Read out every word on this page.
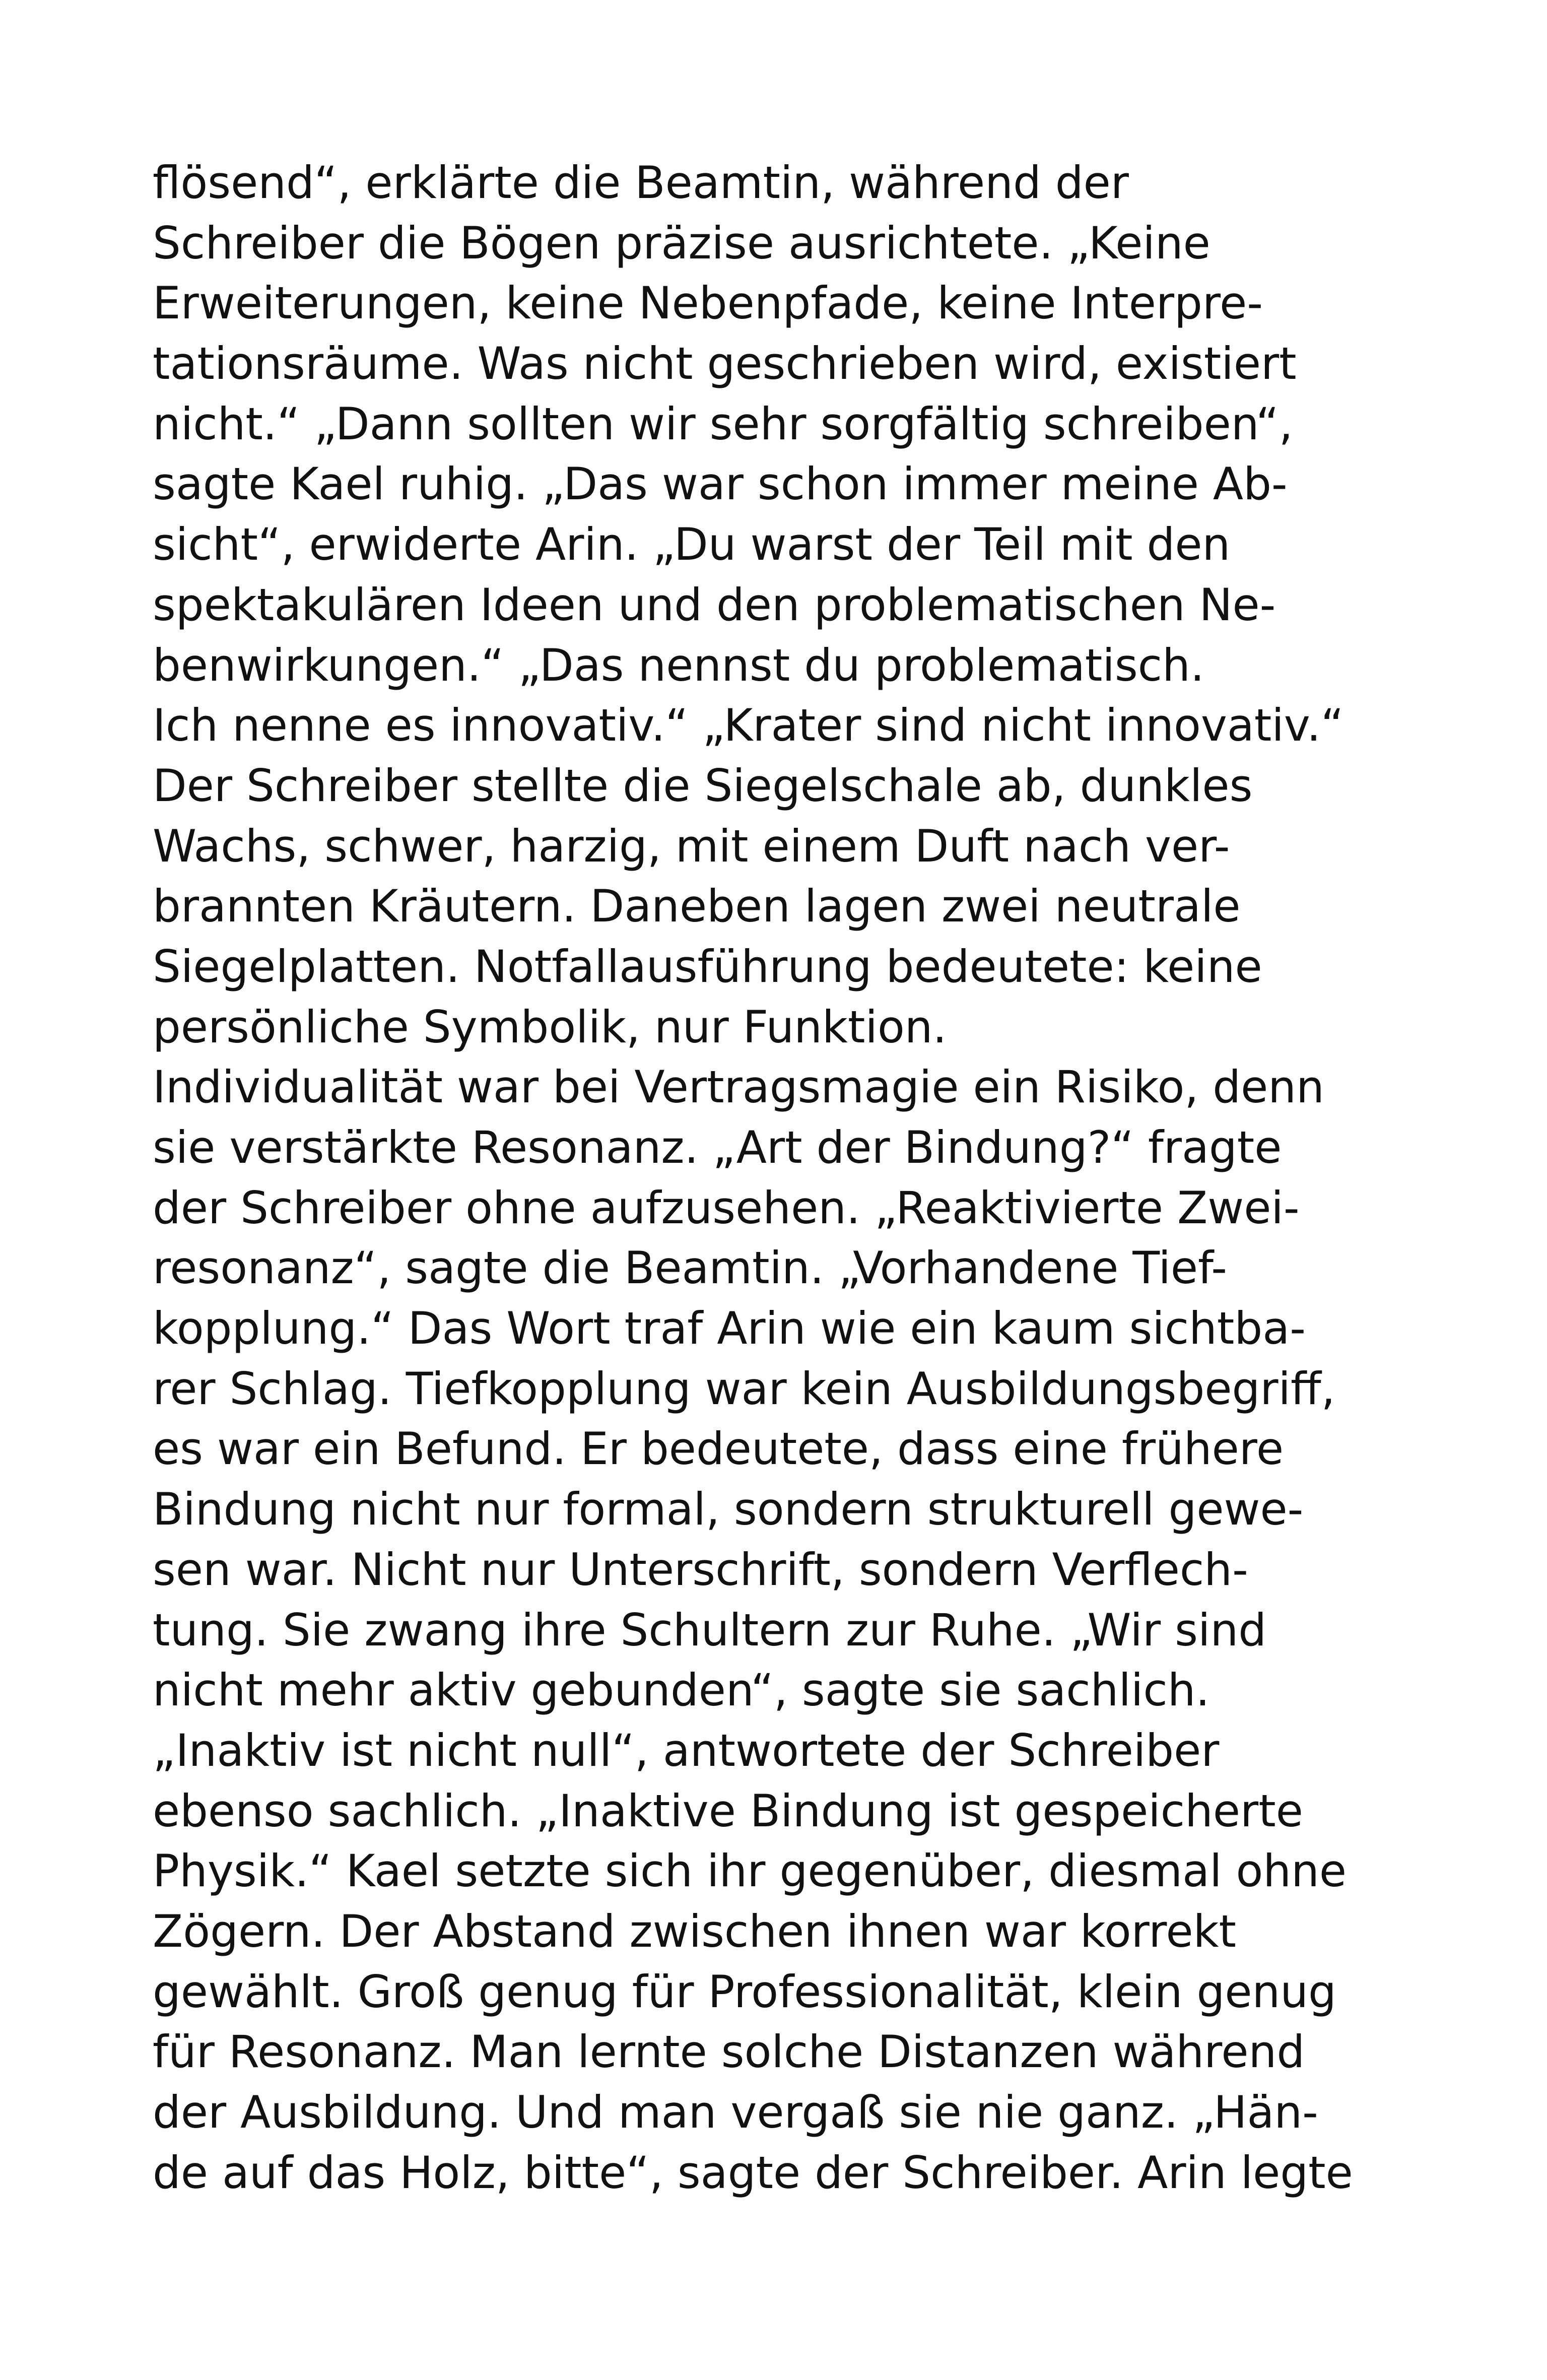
flösend“, erklärte die Beamtin, während der
Schreiber die Bögen präzise ausrichtete. „Keine
Erweiterungen, keine Nebenpfade, keine Interpre-
tationsräume. Was nicht geschrieben wird, existiert
nicht.“ „Dann sollten wir sehr sorgfältig schreiben“,
sagte Kael ruhig. „Das war schon immer meine Ab-
sicht“, erwiderte Arin. „Du warst der Teil mit den
spektakulären Ideen und den problematischen Ne-
benwirkungen.“ „Das nennst du problematisch.
Ich nenne es innovativ.“ „Krater sind nicht innovativ.“
Der Schreiber stellte die Siegelschale ab, dunkles
Wachs, schwer, harzig, mit einem Duft nach ver-
brannten Kräutern. Daneben lagen zwei neutrale
Siegelplatten. Notfallausführung bedeutete: keine
persönliche Symbolik, nur Funktion.
Individualität war bei Vertragsmagie ein Risiko, denn
sie verstärkte Resonanz. „Art der Bindung?“ fragte
der Schreiber ohne aufzusehen. „Reaktivierte Zwei-
resonanz“, sagte die Beamtin. „Vorhandene Tief-
kopplung.“ Das Wort traf Arin wie ein kaum sichtba-
rer Schlag. Tiefkopplung war kein Ausbildungsbegriff,
es war ein Befund. Er bedeutete, dass eine frühere
Bindung nicht nur formal, sondern strukturell gewe-
sen war. Nicht nur Unterschrift, sondern Verflech-
tung. Sie zwang ihre Schultern zur Ruhe. „Wir sind
nicht mehr aktiv gebunden“, sagte sie sachlich.
„Inaktiv ist nicht null“, antwortete der Schreiber
ebenso sachlich. „Inaktive Bindung ist gespeicherte
Physik.“ Kael setzte sich ihr gegenüber, diesmal ohne
Zögern. Der Abstand zwischen ihnen war korrekt
gewählt. Groß genug für Professionalität, klein genug
für Resonanz. Man lernte solche Distanzen während
der Ausbildung. Und man vergaß sie nie ganz. „Hän-
de auf das Holz, bitte“, sagte der Schreiber. Arin legte
